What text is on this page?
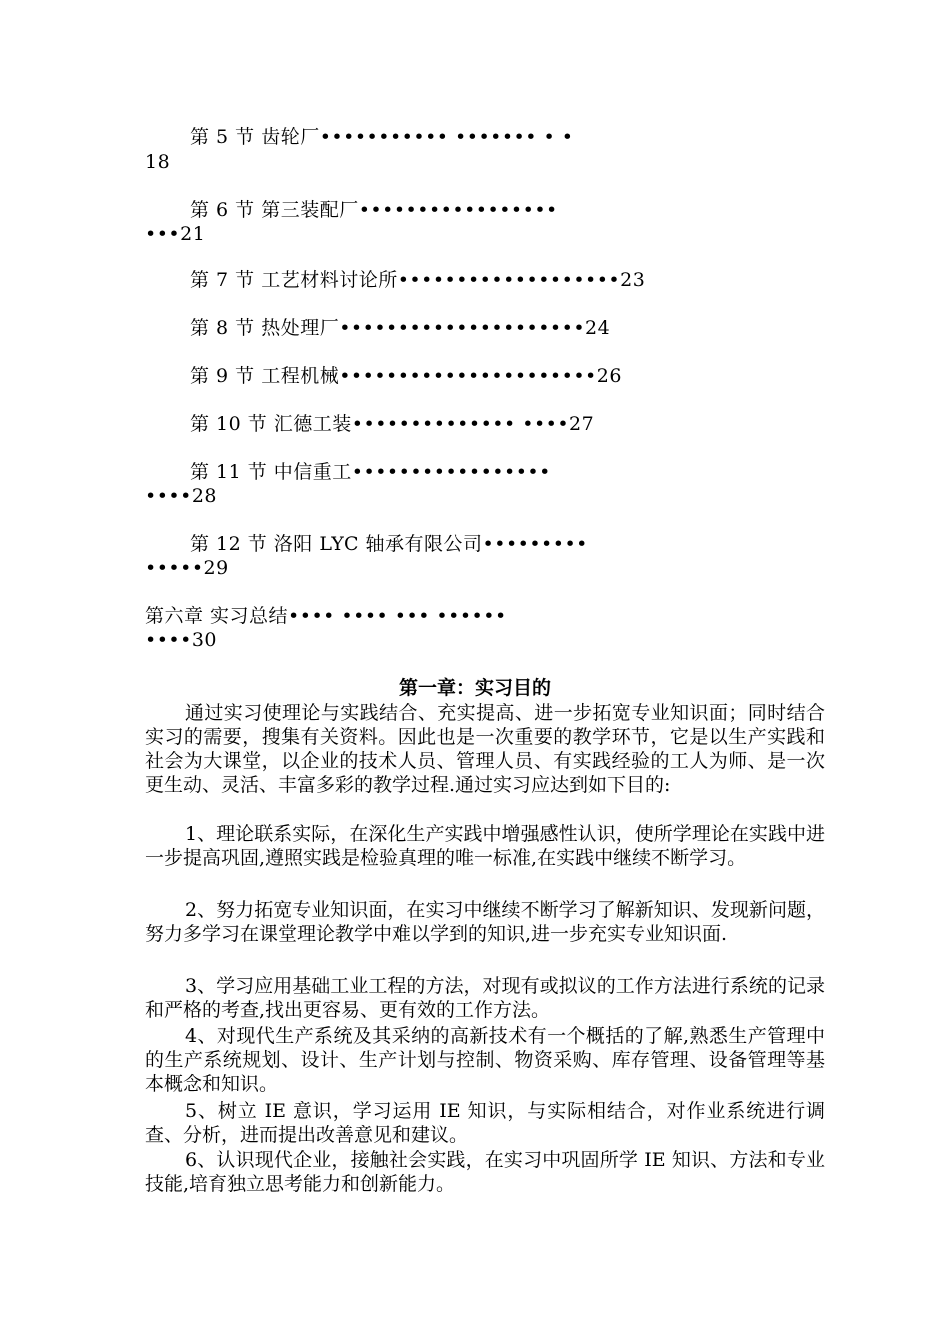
第 5 节 齿轮厂••••••••••• ••••••• • •
18
第 6 节 第三装配厂•••••••••••••••••
•••21
第 7 节 工艺材料讨论所•••••••••••••••••••23
第 8 节 热处理厂•••••••••••••••••••••24
第 9 节 工程机械••••••••••••••••••••••26
第 10 节 汇德工装•••••••••••••• ••••27
第 11 节 中信重工•••••••••••••••••
••••28
第 12 节 洛阳 LYC 轴承有限公司•••••••••
•••••29
第六章 实习总结•••• •••• ••• ••••••
••••30
第一章：实习目的
通过实习使理论与实践结合、充实提高、进一步拓宽专业知识面；同时结合实习的需要，搜集有关资料。因此也是一次重要的教学环节，它是以生产实践和社会为大课堂，以企业的技术人员、管理人员、有实践经验的工人为师、是一次更生动、灵活、丰富多彩的教学过程.通过实习应达到如下目的:
1、理论联系实际，在深化生产实践中增强感性认识，使所学理论在实践中进一步提高巩固,遵照实践是检验真理的唯一标准,在实践中继续不断学习。
2、努力拓宽专业知识面，在实习中继续不断学习了解新知识、发现新问题，努力多学习在课堂理论教学中难以学到的知识,进一步充实专业知识面.
3、学习应用基础工业工程的方法，对现有或拟议的工作方法进行系统的记录和严格的考查,找出更容易、更有效的工作方法。
4、对现代生产系统及其采纳的高新技术有一个概括的了解,熟悉生产管理中的生产系统规划、设计、生产计划与控制、物资采购、库存管理、设备管理等基本概念和知识。
5、树立 IE 意识，学习运用 IE 知识，与实际相结合，对作业系统进行调查、分析，进而提出改善意见和建议。
6、认识现代企业，接触社会实践，在实习中巩固所学 IE 知识、方法和专业技能,培育独立思考能力和创新能力。
